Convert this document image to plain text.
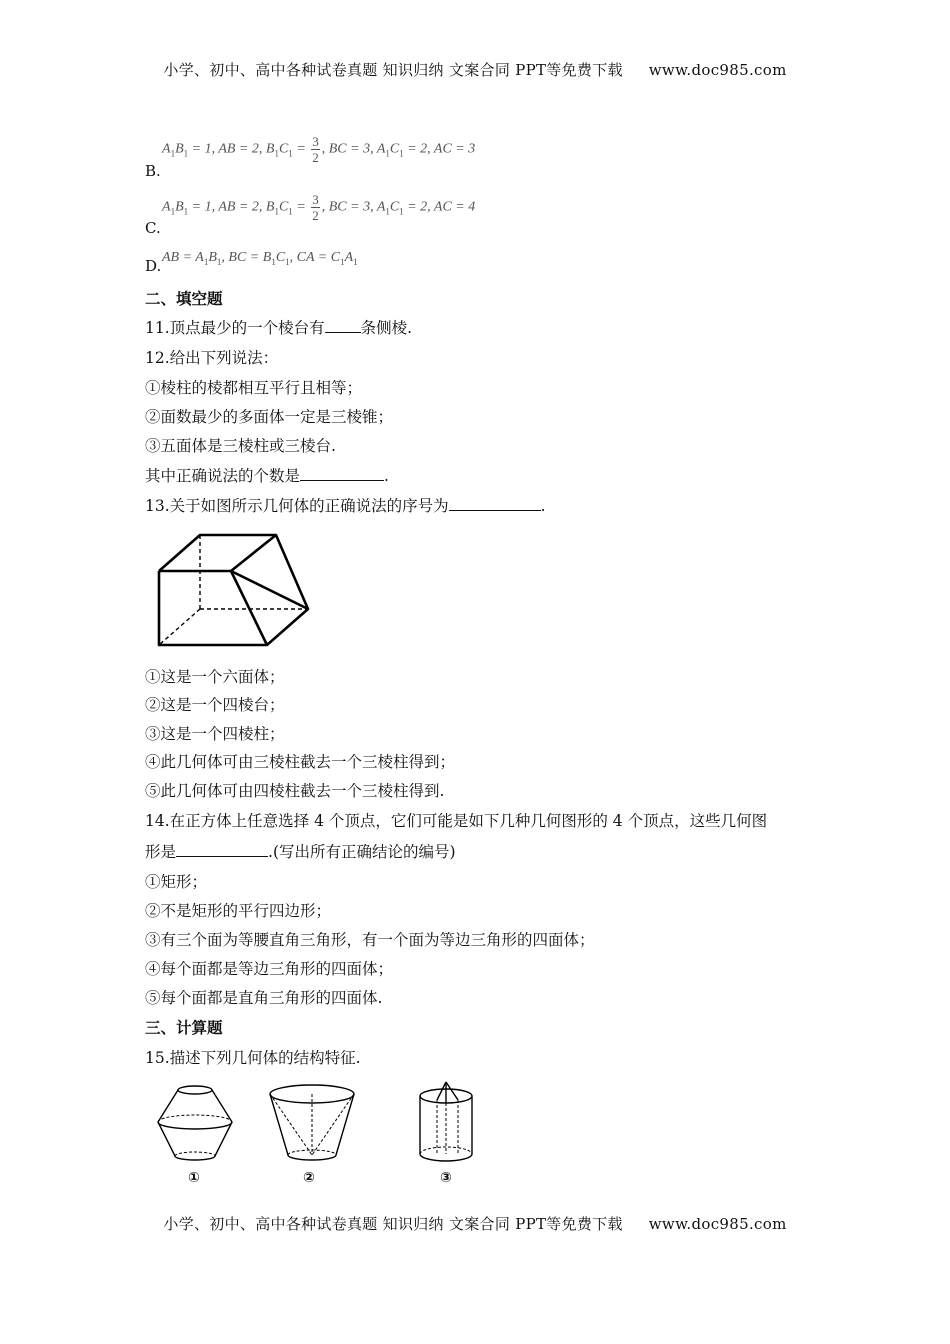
小学、初中、高中各种试卷真题 知识归纳 文案合同 PPT等免费下载 www.doc985.com
$A_1B_1 = 1$, AB = 2, $B_1C_1 = \frac{3}{2}$ , BC = 3, $A_1C_1 = 2$, AC = 3
B.
$A_1B_1 = 1$, AB = 2, $B_1C_1 = \frac{3}{2}$ , BC = 3, $A_1C_1 = 2$, AC = 4
C.
D. AB = $A_1B_1$, BC = $B_1C_1$, CA = $C_1A_1$
二、填空题
11.顶点最少的一个棱台有 条侧棱.
12.给出下列说法：
①棱柱的棱都相互平行且相等；
②面数最少的多面体一定是三棱锥；
③五面体是三棱柱或三棱台.
其中正确说法的个数是	.
13.关于如图所示几何体的正确说法的序号为	.
①这是一个六面体；
②这是一个四棱台；
③这是一个四棱柱；
④此几何体可由三棱柱截去一个三棱柱得到；
⑤此几何体可由四棱柱截去一个三棱柱得到.
14.在正方体上任意选择 4 个顶点，它们可能是如下几种几何图形的 4 个顶点，这些几何图
形是	.(写出所有正确结论的编号)
①矩形；
②不是矩形的平行四边形；
③有三个面为等腰直角三角形，有一个面为等边三角形的四面体；
④每个面都是等边三角形的四面体；
⑤每个面都是直角三角形的四面体.
三、计算题
15.描述下列几何体的结构特征.
①	②	③
小学、初中、高中各种试卷真题 知识归纳 文案合同 PPT等免费下载 www.doc985.com
